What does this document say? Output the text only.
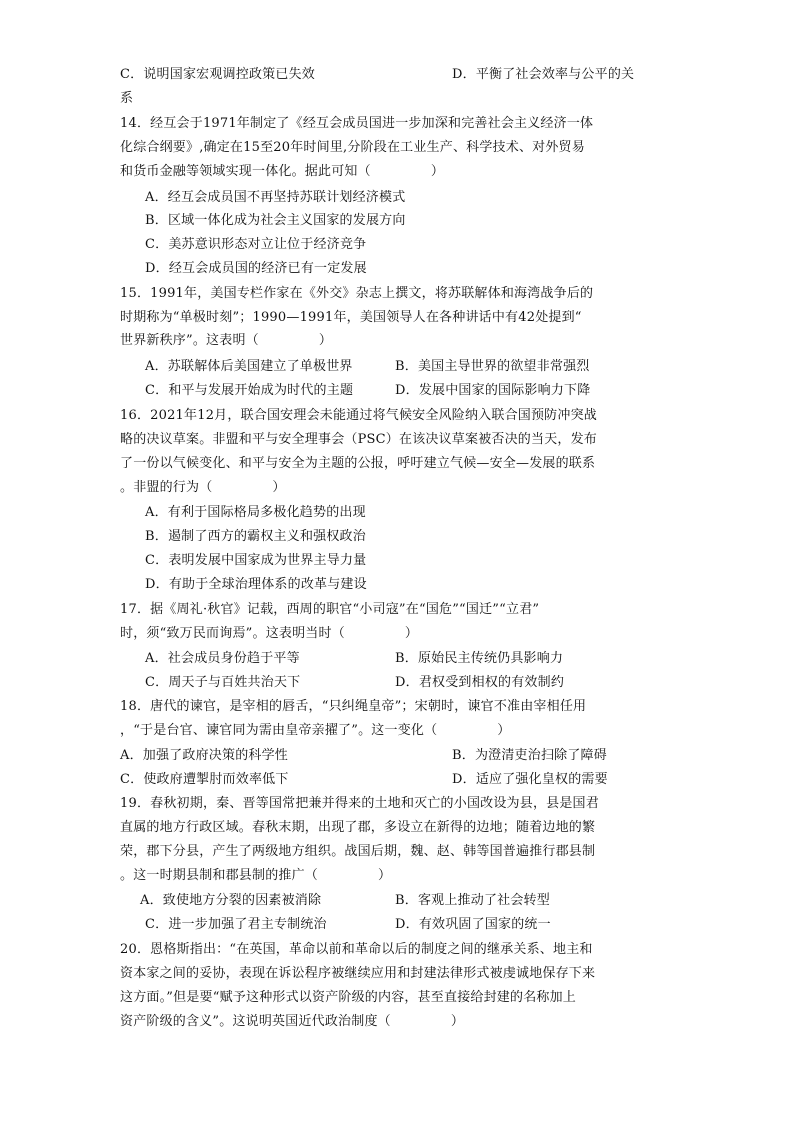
C．说明国家宏观调控政策已失效	D．平衡了社会效率与公平的关
系
14．经互会于1971年制定了《经互会成员国进一步加深和完善社会主义经济一体
化综合纲要》,确定在15至20年时间里,分阶段在工业生产、科学技术、对外贸易
和货币金融等领域实现一体化。据此可知（	）
A．经互会成员国不再坚持苏联计划经济模式
B．区域一体化成为社会主义国家的发展方向
C．美苏意识形态对立让位于经济竞争
D．经互会成员国的经济已有一定发展
15．1991年，美国专栏作家在《外交》杂志上撰文，将苏联解体和海湾战争后的
时期称为“单极时刻”；1990—1991年，美国领导人在各种讲话中有42处提到“
世界新秩序”。这表明（	）
A．苏联解体后美国建立了单极世界	B．美国主导世界的欲望非常强烈
C．和平与发展开始成为时代的主题	D．发展中国家的国际影响力下降
16．2021年12月，联合国安理会未能通过将气候安全风险纳入联合国预防冲突战
略的决议草案。非盟和平与安全理事会（PSC）在该决议草案被否决的当天，发布
了一份以气候变化、和平与安全为主题的公报，呼吁建立气候—安全—发展的联系
。非盟的行为（	）
A．有利于国际格局多极化趋势的出现
B．遏制了西方的霸权主义和强权政治
C．表明发展中国家成为世界主导力量
D．有助于全球治理体系的改革与建设
17．据《周礼·秋官》记载，西周的职官“小司寇”在“国危”“国迁”“立君”
时，须“致万民而询焉”。这表明当时（	）
A．社会成员身份趋于平等	B．原始民主传统仍具影响力
C．周天子与百姓共治天下	D．君权受到相权的有效制约
18．唐代的谏官，是宰相的唇舌，“只纠绳皇帝”；宋朝时，谏官不准由宰相任用
，“于是台官、谏官同为需由皇帝亲擢了”。这一变化（	）
A．加强了政府决策的科学性	B．为澄清吏治扫除了障碍
C．使政府遭掣肘而效率低下	D．适应了强化皇权的需要
19．春秋初期，秦、晋等国常把兼并得来的土地和灭亡的小国改设为县，县是国君
直属的地方行政区域。春秋末期，出现了郡，多设立在新得的边地；随着边地的繁
荣，郡下分县，产生了两级地方组织。战国后期，魏、赵、韩等国普遍推行郡县制
。这一时期县制和郡县制的推广（	）
A．致使地方分裂的因素被消除	B．客观上推动了社会转型
C．进一步加强了君主专制统治	D．有效巩固了国家的统一
20．恩格斯指出：“在英国，革命以前和革命以后的制度之间的继承关系、地主和
资本家之间的妥协，表现在诉讼程序被继续应用和封建法律形式被虔诚地保存下来
这方面。”但是要“赋予这种形式以资产阶级的内容，甚至直接给封建的名称加上
资产阶级的含义”。这说明英国近代政治制度（	）
